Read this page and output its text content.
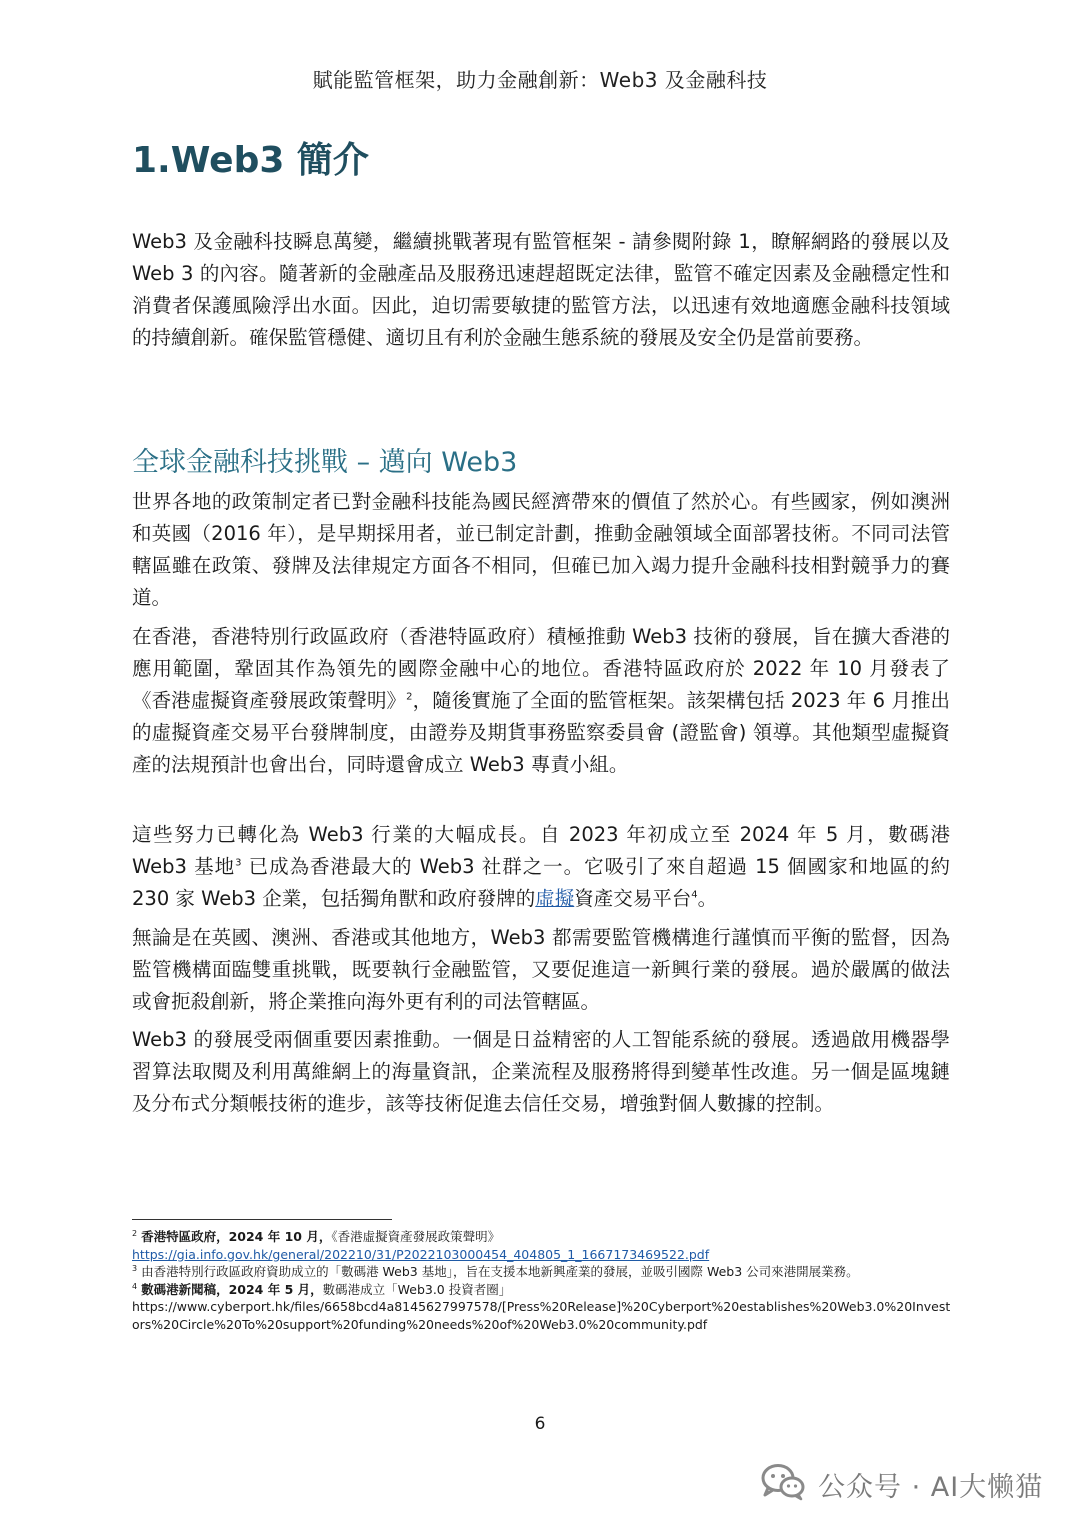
賦能監管框架，助力金融創新：Web3 及金融科技
1.Web3 簡介

Web3 及金融科技瞬息萬變，繼續挑戰著現有監管框架 - 請參閱附錄 1，瞭解網路的發展以及 Web 3 的內容。隨著新的金融產品及服務迅速趕超既定法律，監管不確定因素及金融穩定性和消費者保護風險浮出水面。因此，迫切需要敏捷的監管方法，以迅速有效地適應金融科技領域的持續創新。確保監管穩健、適切且有利於金融生態系統的發展及安全仍是當前要務。

全球金融科技挑戰 – 邁向 Web3

世界各地的政策制定者已對金融科技能為國民經濟帶來的價值了然於心。有些國家，例如澳洲和英國（2016 年），是早期採用者，並已制定計劃，推動金融領域全面部署技術。不同司法管轄區雖在政策、發牌及法律規定方面各不相同，但確已加入竭力提升金融科技相對競爭力的賽道。

在香港，香港特別行政區政府（香港特區政府）積極推動 Web3 技術的發展，旨在擴大香港的應用範圍，鞏固其作為領先的國際金融中心的地位。香港特區政府於 2022 年 10 月發表了《香港虛擬資產發展政策聲明》$^2$，隨後實施了全面的監管框架。該架構包括 2023 年 6 月推出的虛擬資產交易平台發牌制度，由證券及期貨事務監察委員會 (證監會) 領導。其他類型虛擬資產的法規預計也會出台，同時還會成立 Web3 專責小組。

這些努力已轉化為 Web3 行業的大幅成長。自 2023 年初成立至 2024 年 5 月，數碼港 Web3 基地$^3$ 已成為香港最大的 Web3 社群之一。它吸引了來自超過 15 個國家和地區的約 230 家 Web3 企業，包括獨角獸和政府發牌的虛擬資產交易平台$^4$。

無論是在英國、澳洲、香港或其他地方，Web3 都需要監管機構進行謹慎而平衡的監督，因為監管機構面臨雙重挑戰，既要執行金融監管，又要促進這一新興行業的發展。過於嚴厲的做法或會扼殺創新，將企業推向海外更有利的司法管轄區。

Web3 的發展受兩個重要因素推動。一個是日益精密的人工智能系統的發展。透過啟用機器學習算法取閱及利用萬維網上的海量資訊，企業流程及服務將得到變革性改進。另一個是區塊鏈及分布式分類帳技術的進步，該等技術促進去信任交易，增強對個人數據的控制。

$^2$ 香港特區政府，2024 年 10 月，《香港虛擬資產發展政策聲明》

https://gia.info.gov.hk/general/202210/31/P2022103000454_404805_1_1667173469522.pdf

$^3$ 由香港特別行政區政府資助成立的「數碼港 Web3 基地」，旨在支援本地新興產業的發展，並吸引國際 Web3 公司來港開展業務。

$^4$ 數碼港新聞稿，2024 年 5 月，數碼港成立「Web3.0 投資者圈」

https://www.cyberport.hk/files/6658bcd4a8145627997578/[Press%20Release]%20Cyberport%20establishes%20Web3.0%20Investors%20Circle%20To%20support%20funding%20needs%20of%20Web3.0%20community.pdf

6
公众号 · AI大懒猫
